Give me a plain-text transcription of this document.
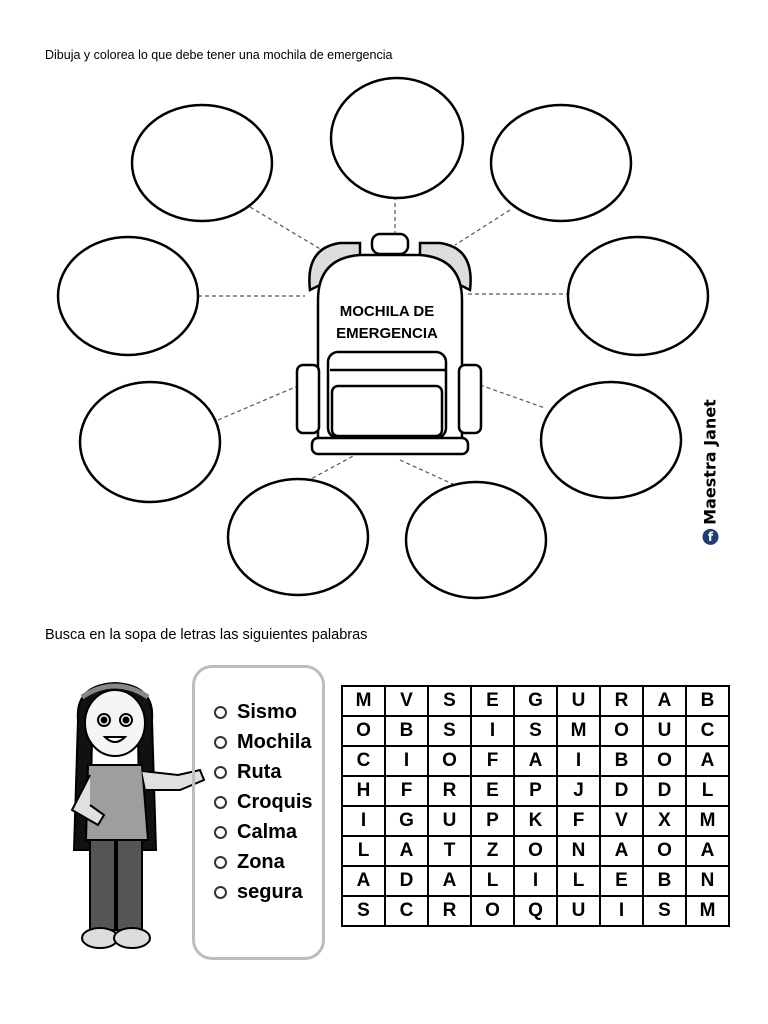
Dibuja y colorea lo que debe tener una mochila de emergencia
MOCHILA DE
EMERGENCIA
f
Maestra Janet
Busca en la sopa de letras las siguientes palabras
Sismo
Mochila
Ruta
Croquis
Calma
Zona
segura
M	V	S	E	G	U	R	A	B
O	B	S	I	S	M	O	U	C
C	I	O	F	A	I	B	O	A
H	F	R	E	P	J	D	D	L
I	G	U	P	K	F	V	X	M
L	A	T	Z	O	N	A	O	A
A	D	A	L	I	L	E	B	N
S	C	R	O	Q	U	I	S	M
